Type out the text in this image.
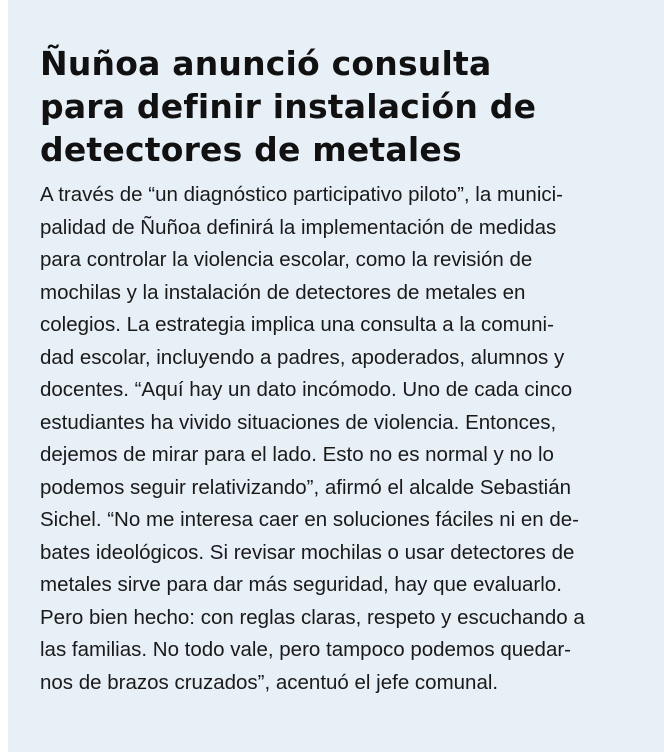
Ñuñoa anunció consulta
para definir instalación de
detectores de metales
A través de “un diagnóstico participativo piloto”, la munici-
palidad de Ñuñoa definirá la implementación de medidas
para controlar la violencia escolar, como la revisión de
mochilas y la instalación de detectores de metales en
colegios. La estrategia implica una consulta a la comuni-
dad escolar, incluyendo a padres, apoderados, alumnos y
docentes. “Aquí hay un dato incómodo. Uno de cada cinco
estudiantes ha vivido situaciones de violencia. Entonces,
dejemos de mirar para el lado. Esto no es normal y no lo
podemos seguir relativizando”, afirmó el alcalde Sebastián
Sichel. “No me interesa caer en soluciones fáciles ni en de-
bates ideológicos. Si revisar mochilas o usar detectores de
metales sirve para dar más seguridad, hay que evaluarlo.
Pero bien hecho: con reglas claras, respeto y escuchando a
las familias. No todo vale, pero tampoco podemos quedar-
nos de brazos cruzados”, acentuó el jefe comunal.
